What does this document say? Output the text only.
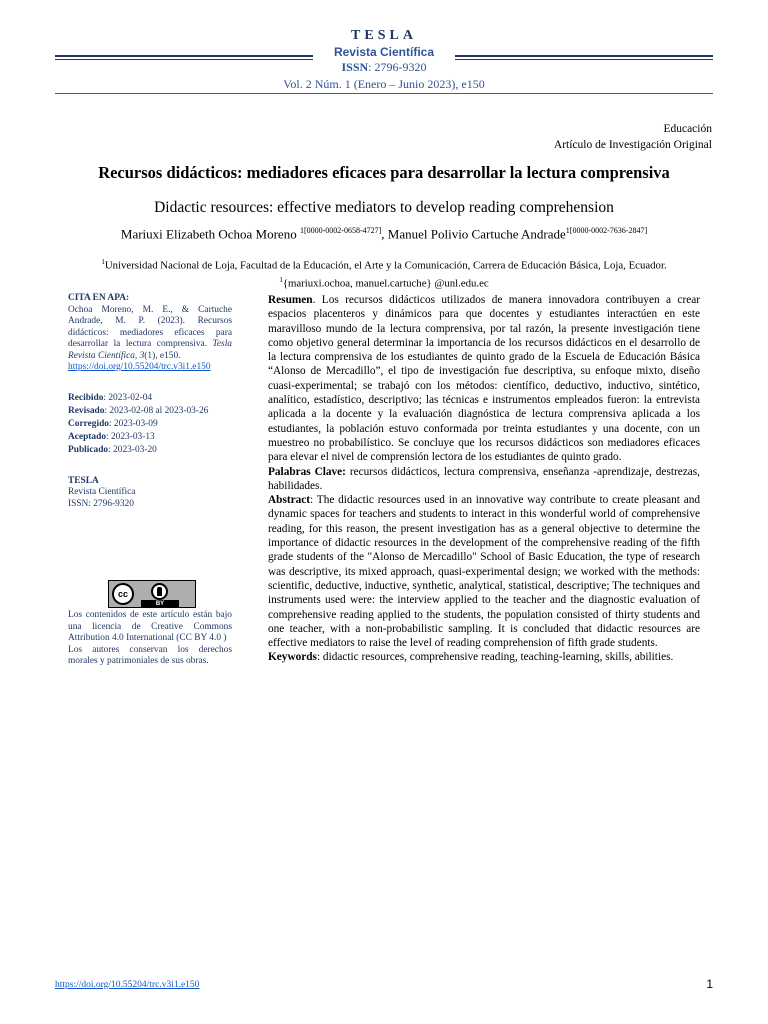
TESLA
Revista Científica
ISSN: 2796-9320
Vol. 2 Núm. 1 (Enero – Junio 2023), e150
Educación
Artículo de Investigación Original
Recursos didácticos: mediadores eficaces para desarrollar la lectura comprensiva
Didactic resources: effective mediators to develop reading comprehension
Mariuxi Elizabeth Ochoa Moreno $^{1[0000-0002-0658-4727]}$, Manuel Polivio Cartuche Andrade$^{1[0000-0002-7636-2847]}$
$^1$Universidad Nacional de Loja, Facultad de la Educación, el Arte y la Comunicación, Carrera de Educación Básica, Loja, Ecuador.
$^1${mariuxi.ochoa, manuel.cartuche} @unl.edu.ec
CITA EN APA:
Ochoa Moreno, M. E., & Cartuche Andrade, M. P. (2023). Recursos didácticos: mediadores eficaces para desarrollar la lectura comprensiva. Tesla Revista Científica, 3(1), e150.
https://doi.org/10.55204/trc.v3i1.e150
Recibido: 2023-02-04
Revisado: 2023-02-08 al 2023-03-26
Corregido: 2023-03-09
Aceptado: 2023-03-13
Publicado: 2023-03-20
TESLA
Revista Científica
ISSN: 2796-9320
cc
BY
Los contenidos de este artículo están bajo una licencia de Creative Commons Attribution 4.0 International (CC BY 4.0 )
Los autores conservan los derechos morales y patrimoniales de sus obras.

Resumen. Los recursos didácticos utilizados de manera innovadora contribuyen a crear espacios placenteros y dinámicos para que docentes y estudiantes interactúen en este maravilloso mundo de la lectura comprensiva, por tal razón, la presente investigación tiene como objetivo general determinar la importancia de los recursos didácticos en el desarrollo de la lectura comprensiva de los estudiantes de quinto grado de la Escuela de Educación Básica “Alonso de Mercadillo”, el tipo de investigación fue descriptiva, su enfoque mixto, diseño cuasi-experimental; se trabajó con los métodos: científico, deductivo, inductivo, sintético, analítico, estadístico, descriptivo; las técnicas e instrumentos empleados fueron: la entrevista aplicada a la docente y la evaluación diagnóstica de lectura comprensiva aplicada a los estudiantes, la población estuvo conformada por treinta estudiantes y una docente, con un muestreo no probabilístico. Se concluye que los recursos didácticos son mediadores eficaces para elevar el nivel de comprensión lectora de los estudiantes de quinto grado.

Palabras Clave: recursos didácticos, lectura comprensiva, enseñanza -aprendizaje, destrezas, habilidades.

Abstract: The didactic resources used in an innovative way contribute to create pleasant and dynamic spaces for teachers and students to interact in this wonderful world of comprehensive reading, for this reason, the present investigation has as a general objective to determine the importance of didactic resources in the development of the comprehensive reading of the fifth grade students of the "Alonso de Mercadillo" School of Basic Education, the type of research was descriptive, its mixed approach, quasi-experimental design; we worked with the methods: scientific, deductive, inductive, synthetic, analytical, statistical, descriptive; The techniques and instruments used were: the interview applied to the teacher and the diagnostic evaluation of comprehensive reading applied to the students, the population consisted of thirty students and one teacher, with a non-probabilistic sampling. It is concluded that didactic resources are effective mediators to raise the level of reading comprehension of fifth grade students.

Keywords: didactic resources, comprehensive reading, teaching-learning, skills, abilities.

https://doi.org/10.55204/trc.v3i1.e150	1
